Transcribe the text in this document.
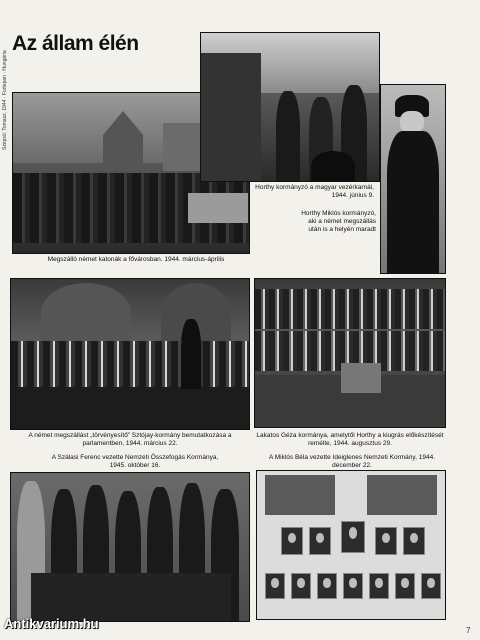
Az állam élén
Szépsű: Tomasz, 1944 · Fortepan · Hungária
Megszálló német katonák a fővárosban. 1944. március-április
Horthy kormányzó a magyar vezérkarnál, 1944. június 9.
Horthy Miklós kormányzó, aki a német megszállás után is a helyén maradt
A német megszállást „törvényesítő” Sztójay-kormány bemutatkozása a parlamentben, 1944. március 22.
Lakatos Géza kormánya, amelytől Horthy a kiugrás előkészítését remélte, 1944. augusztus 29.
A Szálasi Ferenc vezette Nemzeti Összefogás Kormánya, 1945. október 16.
A Miklós Béla vezette Ideiglenes Nemzeti Kormány, 1944. december 22.
Antikvarium.hu	7
